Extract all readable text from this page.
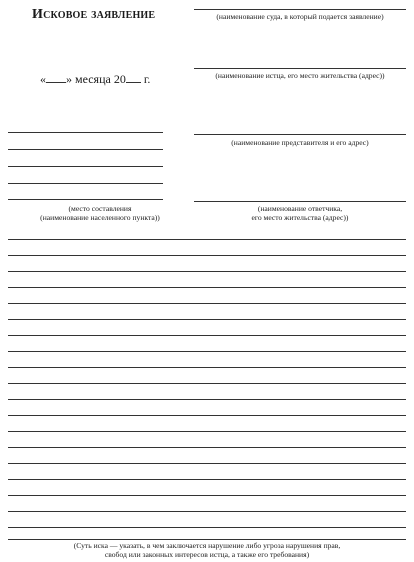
Исковое заявление
« » месяца 20 г.
(наименование суда, в который подается заявление)
(наименование истца, его место жительства (адрес))
(наименование представителя и его адрес)
(наименование ответчика,
его место жительства (адрес))
(место составления
(наименование населенного пункта))
(Суть иска — указать, в чем заключается нарушение либо угроза нарушения прав,
свобод или законных интересов истца, а также его требования)
